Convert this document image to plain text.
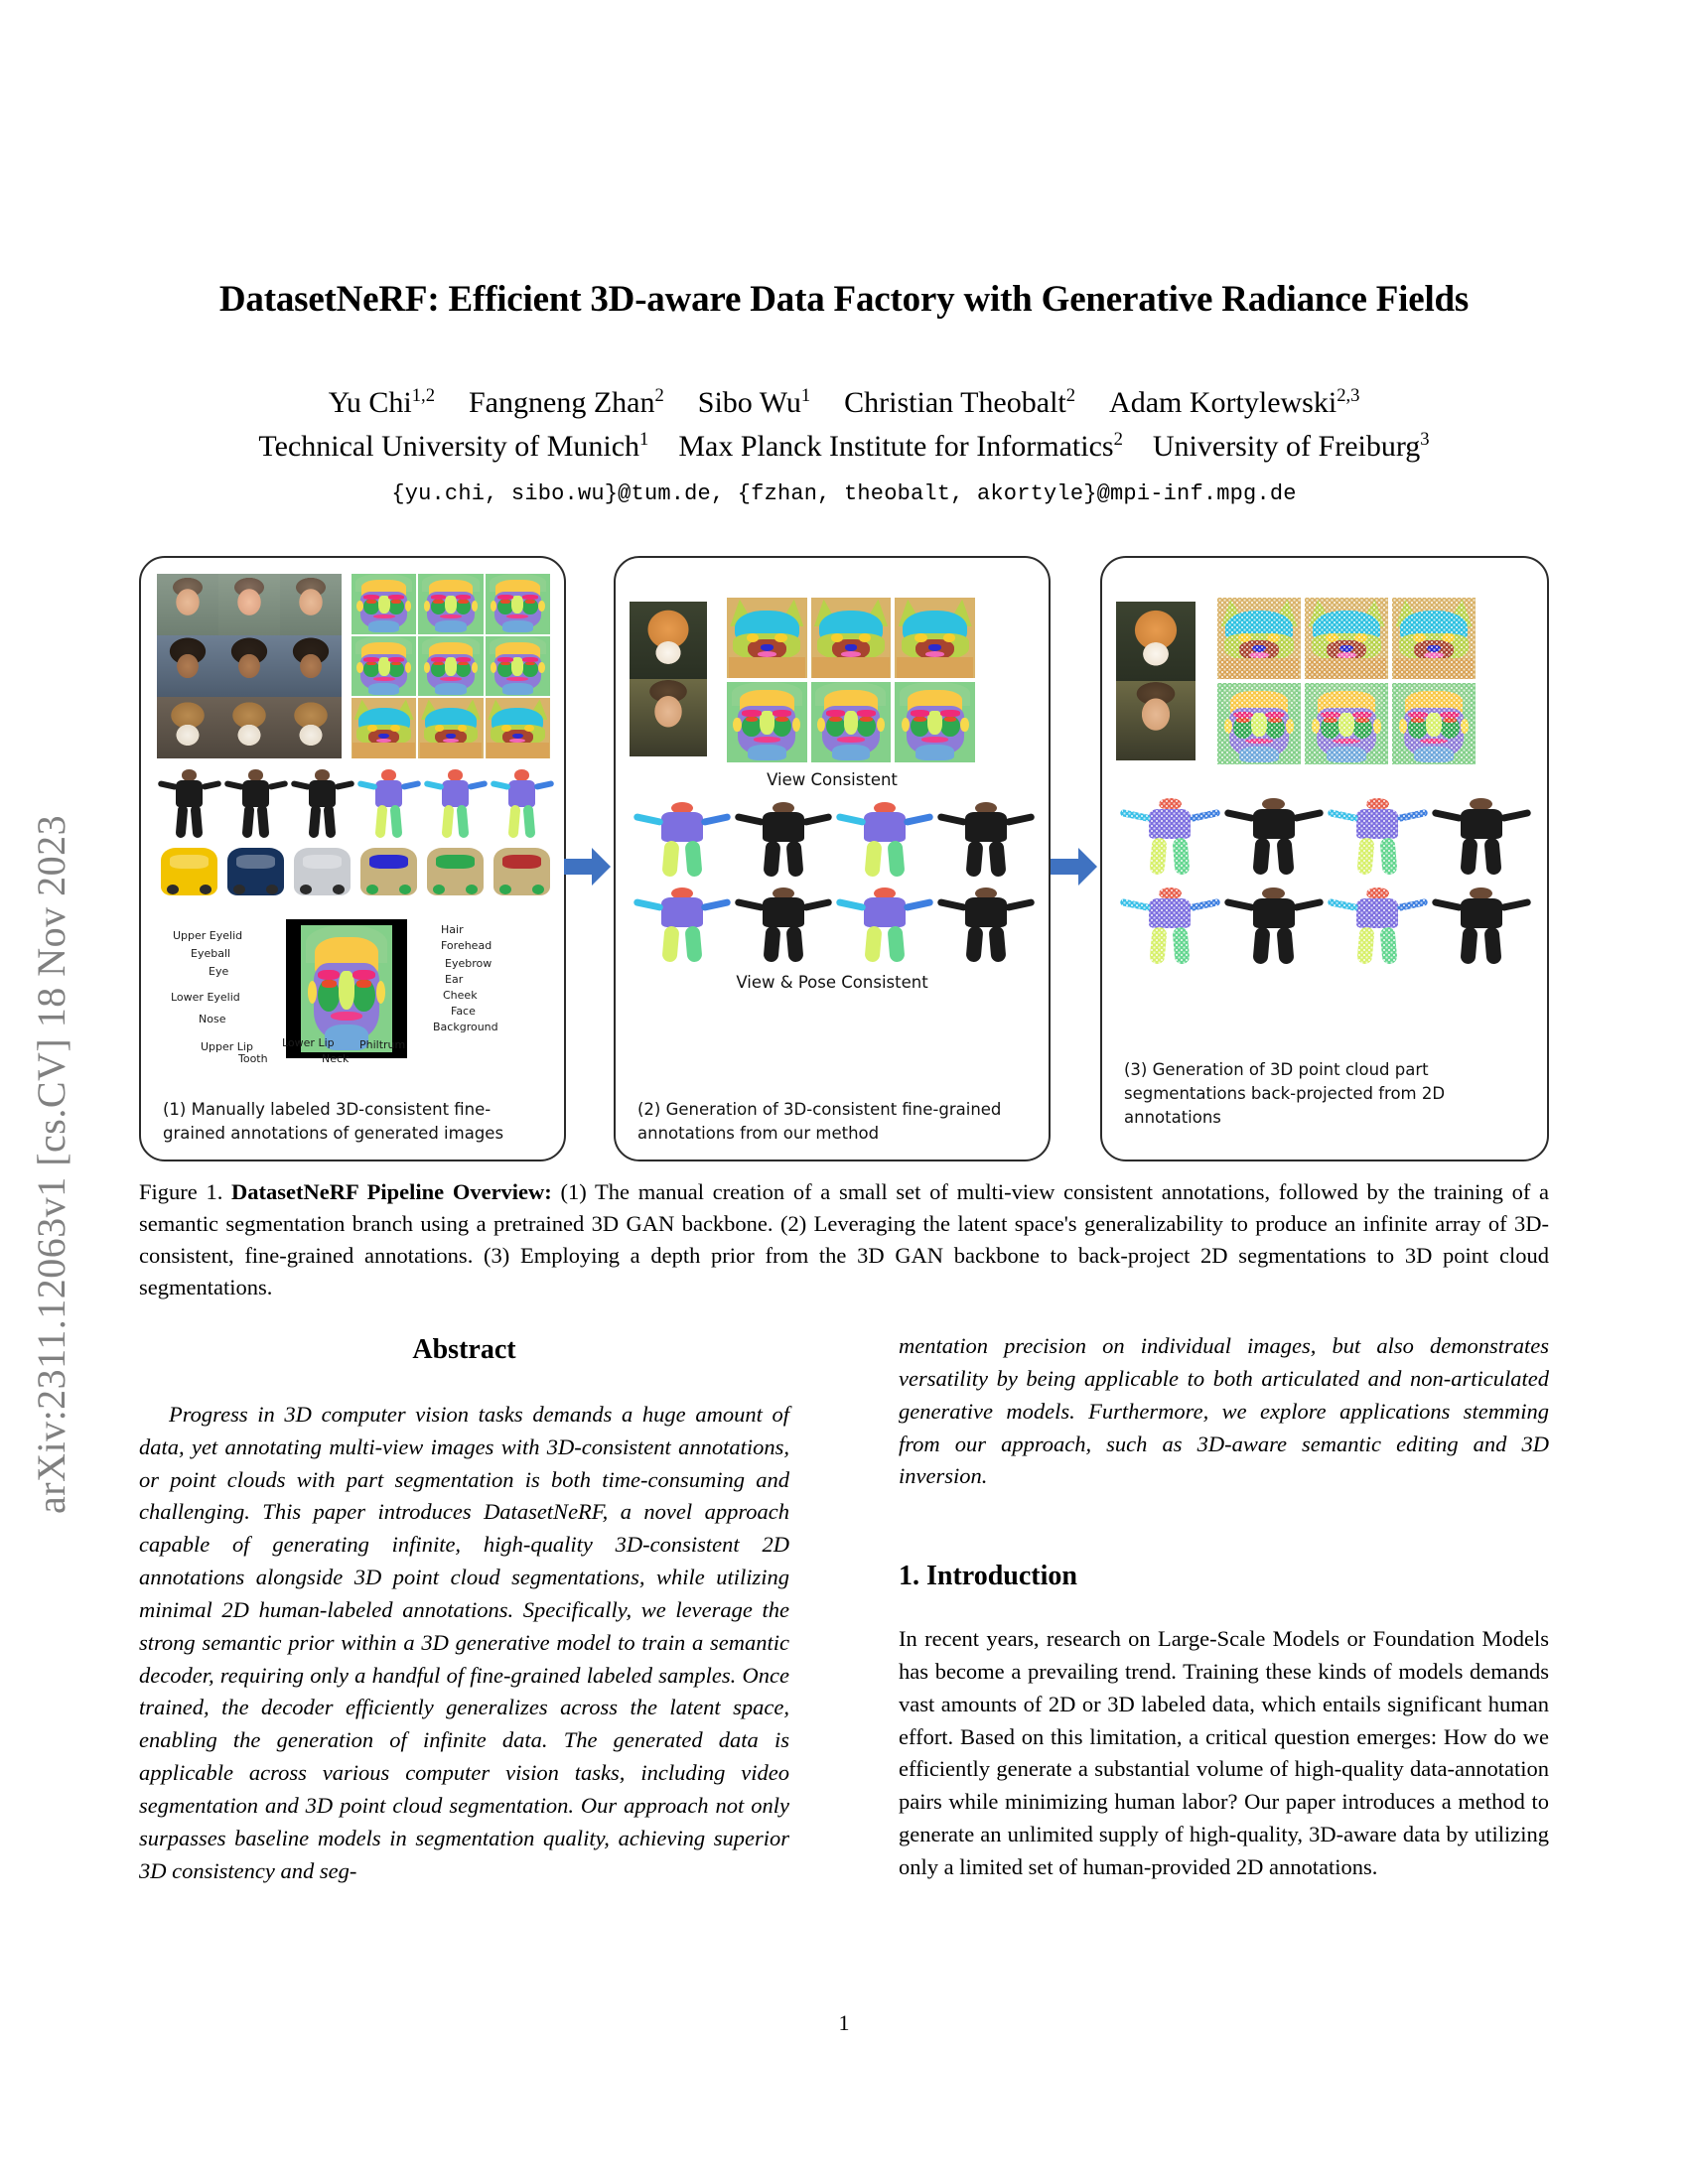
arXiv:2311.12063v1 [cs.CV] 18 Nov 2023
DatasetNeRF: Efficient 3D-aware Data Factory with Generative Radiance Fields
Yu Chi$^{1,2}$ Fangneng Zhan$^2$ Sibo Wu$^1$ Christian Theobalt$^2$ Adam Kortylewski$^{2,3}$
Technical University of Munich$^1$ Max Planck Institute for Informatics$^2$ University of Freiburg$^3$
{yu.chi, sibo.wu}@tum.de, {fzhan, theobalt, akortyle}@mpi-inf.mpg.de
Upper Eyelid
Eyeball
Eye
Lower Eyelid
Nose
Hair
Forehead
Eyebrow
Ear
Cheek
Face
Background
Upper Lip
Tooth
Lower Lip
Neck
Philtrum
(1) Manually labeled 3D-consistent fine-grained annotations of generated images
View Consistent
View & Pose Consistent
(2) Generation of 3D-consistent fine-grained annotations from our method
(3) Generation of 3D point cloud part segmentations back-projected from 2D annotations
Figure 1. DatasetNeRF Pipeline Overview: (1) The manual creation of a small set of multi-view consistent annotations, followed by the training of a semantic segmentation branch using a pretrained 3D GAN backbone. (2) Leveraging the latent space's generalizability to produce an infinite array of 3D-consistent, fine-grained annotations. (3) Employing a depth prior from the 3D GAN backbone to back-project 2D segmentations to 3D point cloud segmentations.
Abstract
Progress in 3D computer vision tasks demands a huge amount of data, yet annotating multi-view images with 3D-consistent annotations, or point clouds with part segmentation is both time-consuming and challenging. This paper introduces DatasetNeRF, a novel approach capable of generating infinite, high-quality 3D-consistent 2D annotations alongside 3D point cloud segmentations, while utilizing minimal 2D human-labeled annotations. Specifically, we leverage the strong semantic prior within a 3D generative model to train a semantic decoder, requiring only a handful of fine-grained labeled samples. Once trained, the decoder efficiently generalizes across the latent space, enabling the generation of infinite data. The generated data is applicable across various computer vision tasks, including video segmentation and 3D point cloud segmentation. Our approach not only surpasses baseline models in segmentation quality, achieving superior 3D consistency and seg-
mentation precision on individual images, but also demonstrates versatility by being applicable to both articulated and non-articulated generative models. Furthermore, we explore applications stemming from our approach, such as 3D-aware semantic editing and 3D inversion.
1. Introduction

In recent years, research on Large-Scale Models or Foundation Models has become a prevailing trend. Training these kinds of models demands vast amounts of 2D or 3D labeled data, which entails significant human effort. Based on this limitation, a critical question emerges: How do we efficiently generate a substantial volume of high-quality data-annotation pairs while minimizing human labor? Our paper introduces a method to generate an unlimited supply of high-quality, 3D-aware data by utilizing only a limited set of human-provided 2D annotations.

1
